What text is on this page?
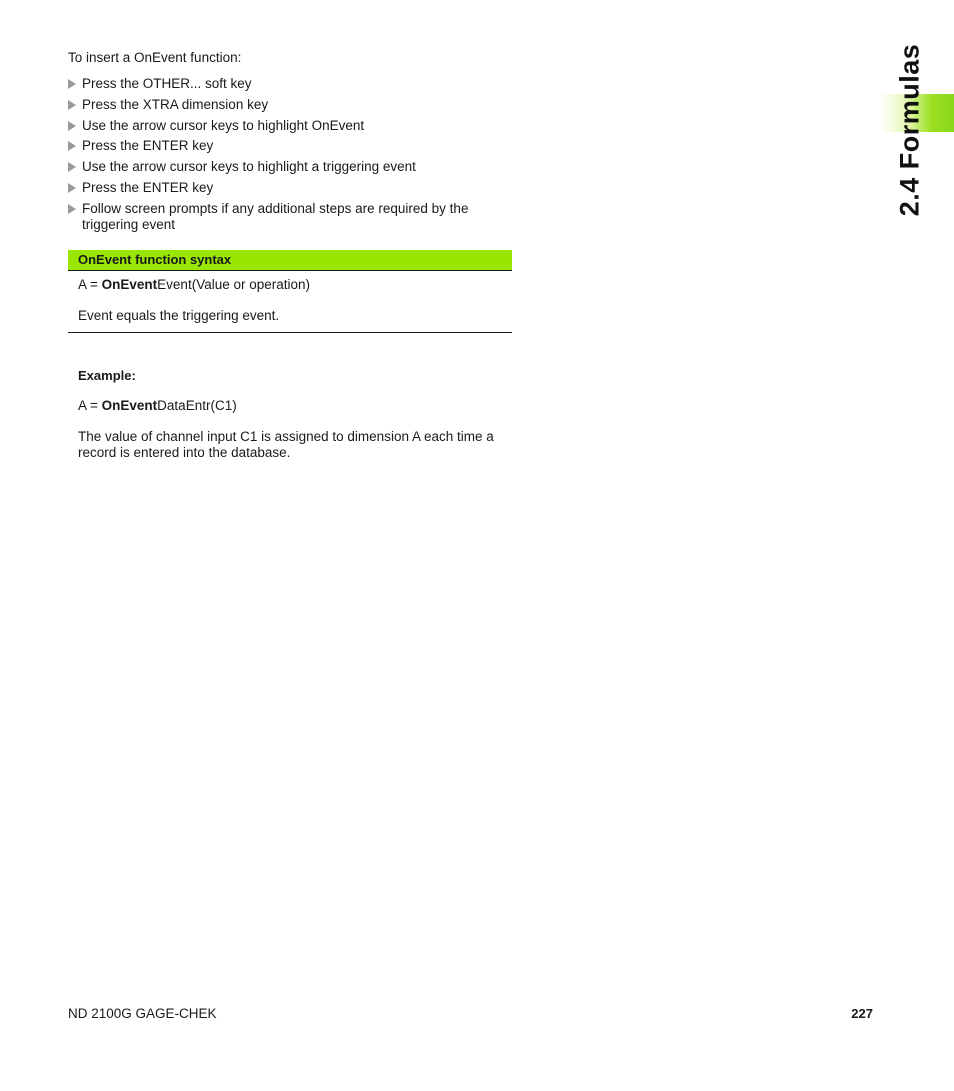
To insert a OnEvent function:

Press the OTHER... soft key
Press the XTRA dimension key
Use the arrow cursor keys to highlight OnEvent
Press the ENTER key
Use the arrow cursor keys to highlight a triggering event
Press the ENTER key
Follow screen prompts if any additional steps are required by the triggering event
OnEvent function syntax

A = OnEventEvent(Value or operation)

Event equals the triggering event.

Example:

A = OnEventDataEntr(C1)

The value of channel input C1 is assigned to dimension A each time a record is entered into the database.

2.4 Formulas
ND 2100G GAGE-CHEK	227
